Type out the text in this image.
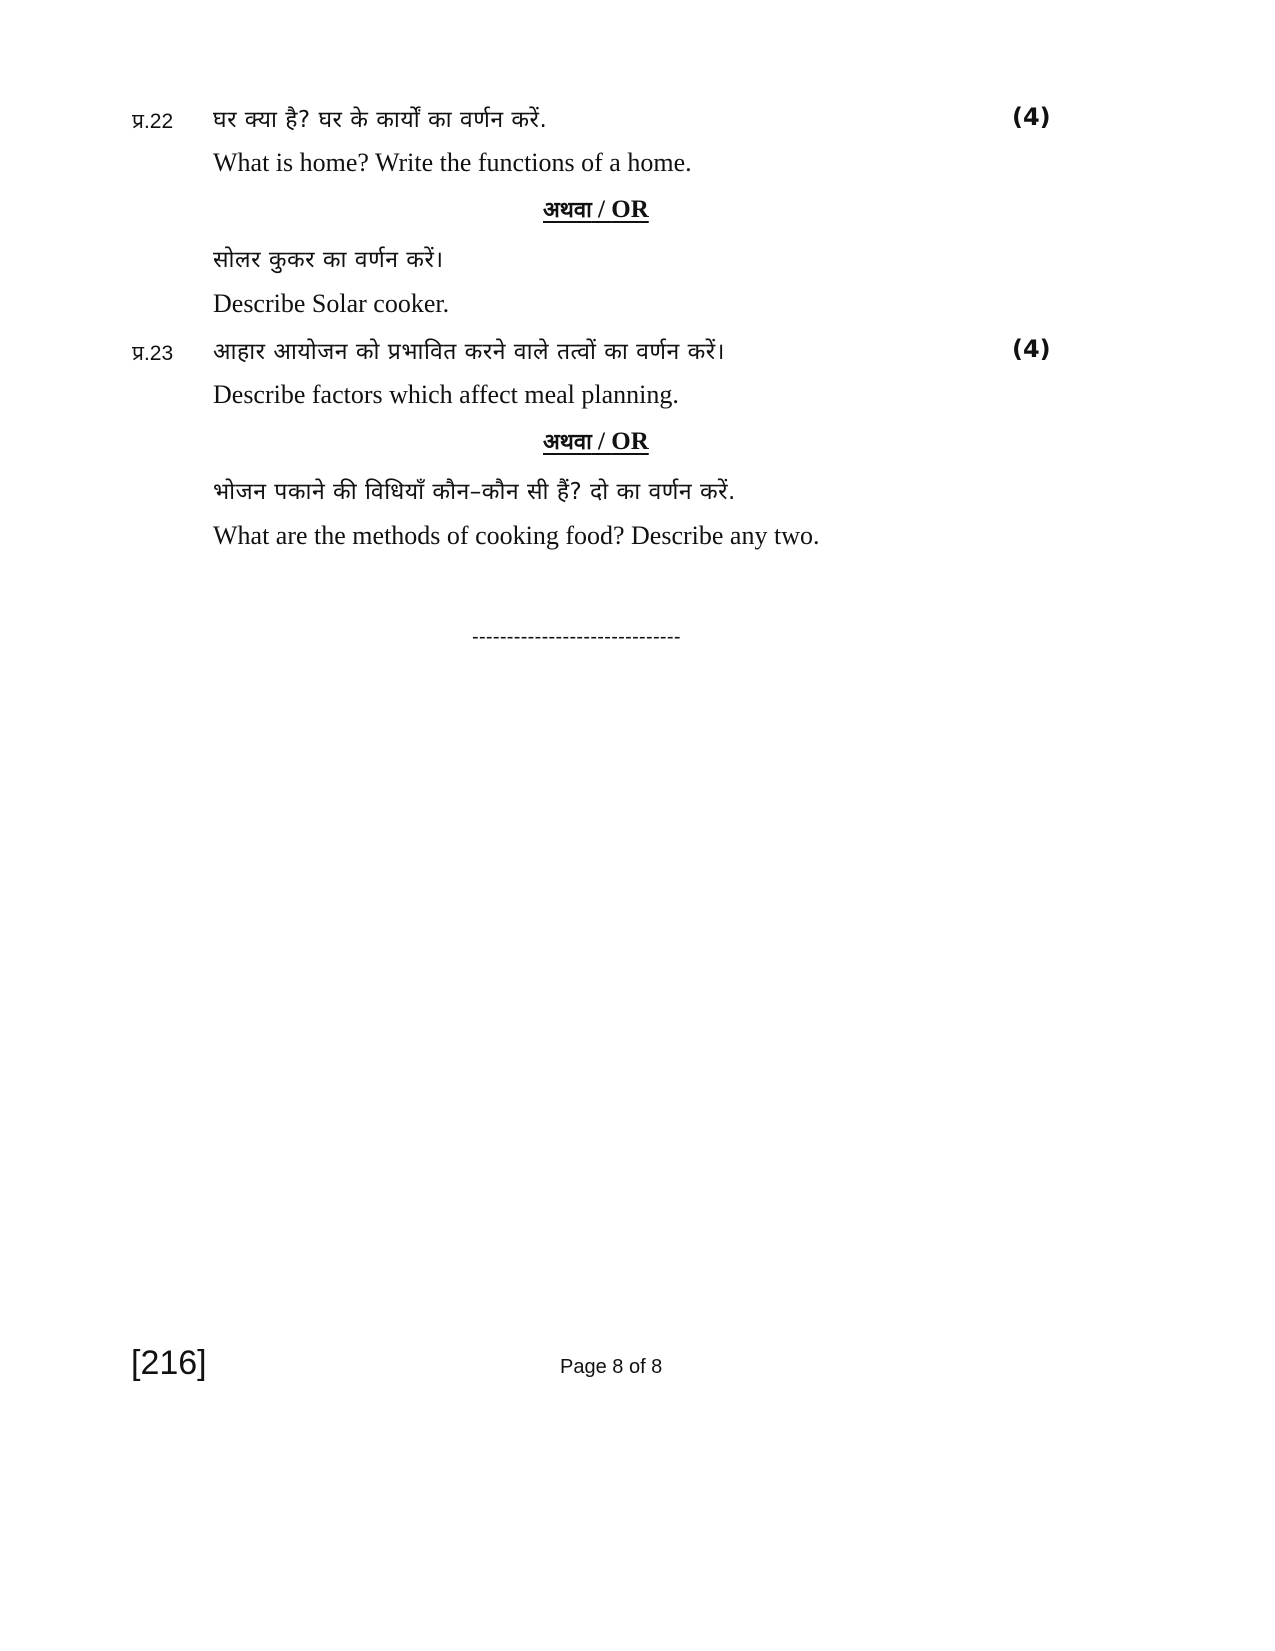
प्र.22 घर क्या है? घर के कार्यों का वर्णन करें.	(4)
What is home? Write the functions of a home.
अथवा / OR
सोलर कुकर का वर्णन करें।
Describe Solar cooker.
प्र.23 आहार आयोजन को प्रभावित करने वाले तत्वों का वर्णन करें।	(4)
Describe factors which affect meal planning.
अथवा / OR
भोजन पकाने की विधियाँ कौन–कौन सी हैं? दो का वर्णन करें.
What are the methods of cooking food? Describe any two.
------------------------------
[216]	Page 8 of 8
